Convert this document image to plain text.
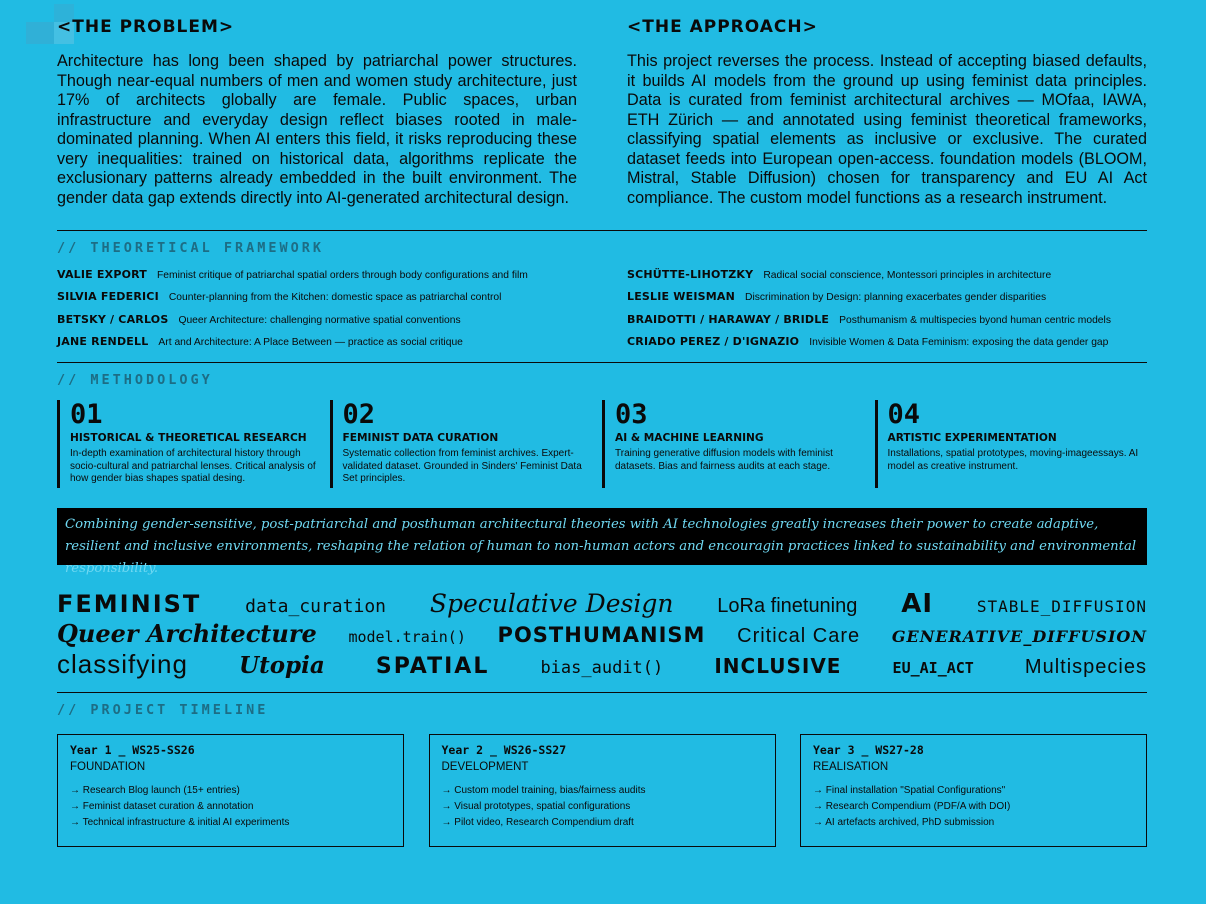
<THE PROBLEM>

Architecture has long been shaped by patriarchal power structures. Though near-equal numbers of men and women study architecture, just 17% of architects globally are female. Public spaces, urban infrastructure and everyday design reflect biases rooted in male-dominated planning. When AI enters this field, it risks reproducing these very inequalities: trained on historical data, algorithms replicate the exclusionary patterns already embedded in the built environment. The gender data gap extends directly into AI-generated architectural design.

<THE APPROACH>

This project reverses the process. Instead of accepting biased defaults, it builds AI models from the ground up using feminist data principles. Data is curated from feminist architectural archives — MOfaa, IAWA, ETH Zürich — and annotated using feminist theoretical frameworks, classifying spatial elements as inclusive or exclusive. The curated dataset feeds into European open-access. foundation models (BLOOM, Mistral, Stable Diffusion) chosen for transparency and EU AI Act compliance. The custom model functions as a research instrument.

// THEORETICAL FRAMEWORK
VALIE EXPORT Feminist critique of patriarchal spatial orders through body configurations and film
SILVIA FEDERICI Counter-planning from the Kitchen: domestic space as patriarchal control
BETSKY / CARLOS Queer Architecture: challenging normative spatial conventions
JANE RENDELL Art and Architecture: A Place Between — practice as social critique
SCHÜTTE-LIHOTZKY Radical social conscience, Montessori principles in architecture
LESLIE WEISMAN Discrimination by Design: planning exacerbates gender disparities
BRAIDOTTI / HARAWAY / BRIDLE Posthumanism & multispecies byond human centric models
CRIADO PEREZ / D'IGNAZIO Invisible Women & Data Feminism: exposing the data gender gap
// METHODOLOGY
01
HISTORICAL & THEORETICAL RESEARCH
In-depth examination of architectural history through socio-cultural and patriarchal lenses. Critical analysis of how gender bias shapes spatial desing.
02
FEMINIST DATA CURATION
Systematic collection from feminist archives. Expert-validated dataset. Grounded in Sinders' Feminist Data Set principles.
03
AI & MACHINE LEARNING
Training generative diffusion models with feminist datasets. Bias and fairness audits at each stage.
04
ARTISTIC EXPERIMENTATION
Installations, spatial prototypes, moving-imageessays. AI model as creative instrument.
Combining gender-sensitive, post-patriarchal and posthuman architectural theories with AI technologies greatly increases their power to create adaptive, resilient and inclusive environments, reshaping the relation of human to non-human actors and encouragin practices linked to sustainability and environmental responsibility.
FEMINIST data_curation Speculative Design LoRa finetuning AI	STABLE_DIFFUSION
Queer Architecture model.train() POSTHUMANISM Critical Care GENERATIVE_DIFFUSION
classifying Utopia SPATIAL	bias_audit()	INCLUSIVE	EU_AI_ACT	Multispecies
// PROJECT TIMELINE
Year 1 _ WS25-SS26
FOUNDATION
→ Research Blog launch (15+ entries)
→ Feminist dataset curation & annotation
→ Technical infrastructure & initial AI experiments
Year 2 _ WS26-SS27
DEVELOPMENT
→ Custom model training, bias/fairness audits
→ Visual prototypes, spatial configurations
→ Pilot video, Research Compendium draft
Year 3 _ WS27-28
REALISATION
→ Final installation "Spatial Configurations"
→ Research Compendium (PDF/A with DOI)
→ AI artefacts archived, PhD submission
